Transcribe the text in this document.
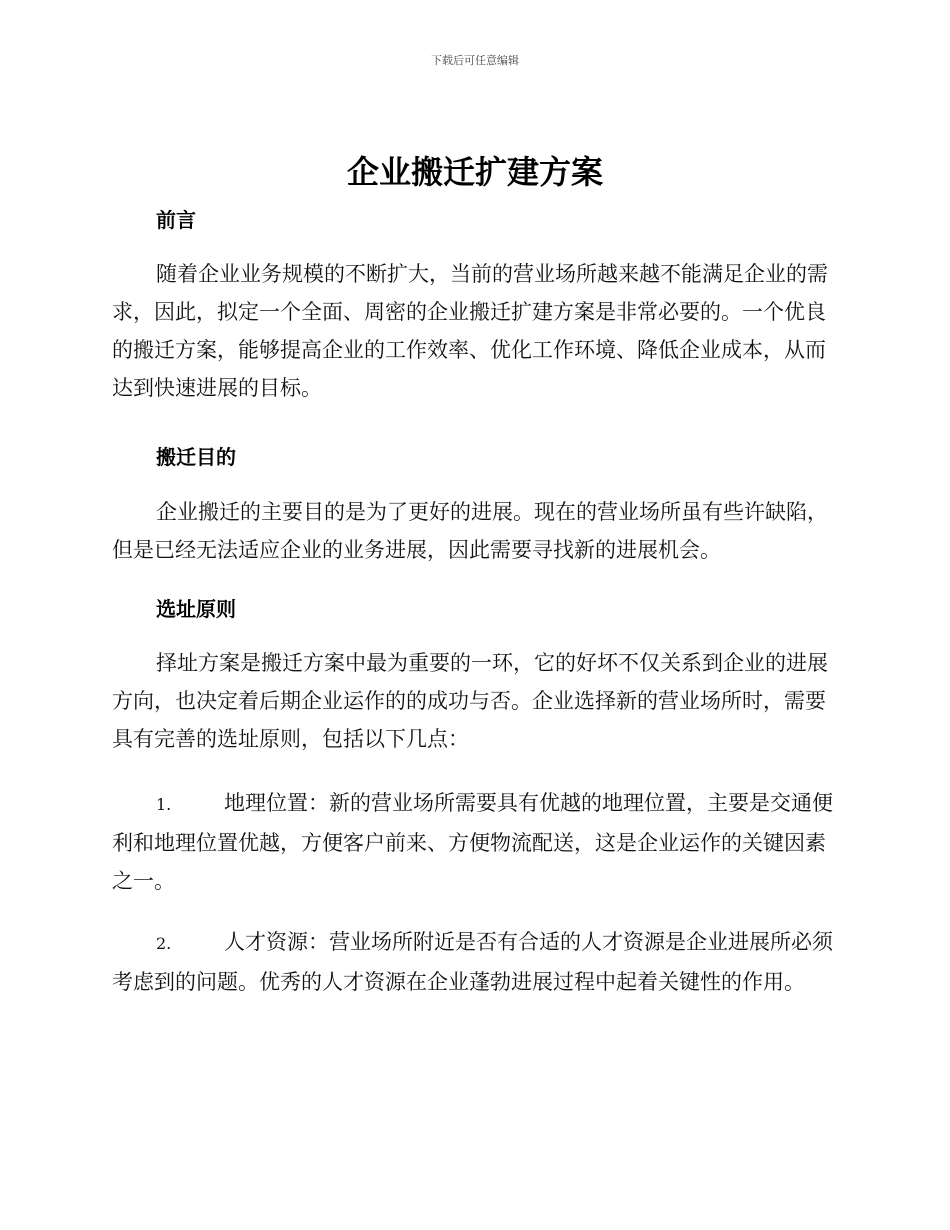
下载后可任意编辑
企业搬迁扩建方案
前言

随着企业业务规模的不断扩大，当前的营业场所越来越不能满足企业的需求，因此，拟定一个全面、周密的企业搬迁扩建方案是非常必要的。一个优良的搬迁方案，能够提高企业的工作效率、优化工作环境、降低企业成本，从而达到快速进展的目标。

搬迁目的

企业搬迁的主要目的是为了更好的进展。现在的营业场所虽有些许缺陷，但是已经无法适应企业的业务进展，因此需要寻找新的进展机会。

选址原则

择址方案是搬迁方案中最为重要的一环，它的好坏不仅关系到企业的进展方向，也决定着后期企业运作的的成功与否。企业选择新的营业场所时，需要具有完善的选址原则，包括以下几点：

1.	地理位置：新的营业场所需要具有优越的地理位置，主要是交通便利和地理位置优越，方便客户前来、方便物流配送，这是企业运作的关键因素之一。

2.	人才资源：营业场所附近是否有合适的人才资源是企业进展所必须考虑到的问题。优秀的人才资源在企业蓬勃进展过程中起着关键性的作用。
